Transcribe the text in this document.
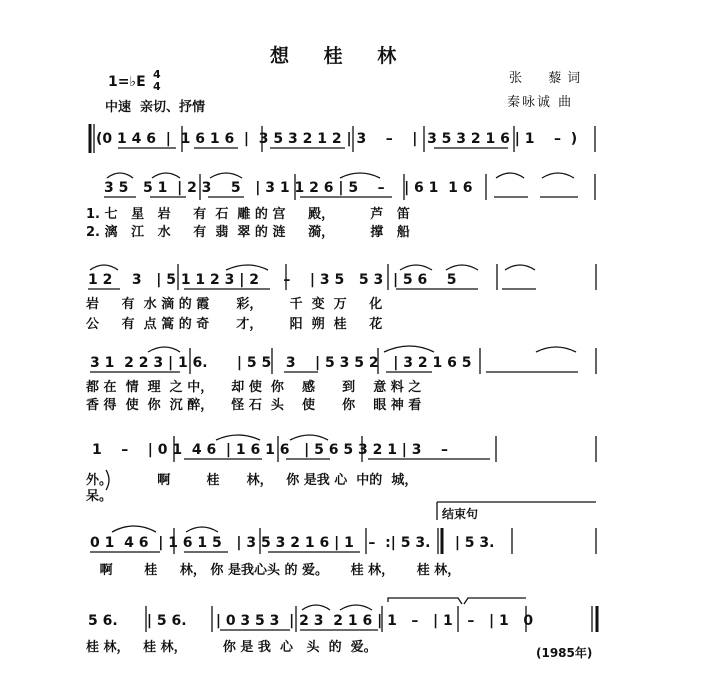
想 桂 林
1=♭E 4
4
中速  亲切、抒情
张  藜词
秦咏诚 曲
(0 1 4 6  |  1 6 1 6  |  3 5 3 2 1 2 | 3    –    |  3 5 3 2 1 6 | 1    –  )
3 5   5 1  | 2 3    5   | 3 1 1 2 6 | 5    –    | 6 1  1 6
1. 七   星   岩     有  石  雕 的 宫     殿，        芦   笛
2. 漓   江   水     有  翡  翠 的 涟     漪，        撑   船
1 2    3   | 5 1 1 2 3 | 2     –    | 3 5   5 3  | 5 6    5
岩     有  水 滴 的 霞      彩，      千  变  万     化
公     有  点 篙 的 奇      才，      阳  朔  桂     花
3 1  2 2 3 | 1 6.      | 5 5   3    | 5 3 5 2   | 3 2 1 6 5
都 在  情  理  之 中，    却 使  你    感      到    意 料 之
香 得  使  你  沉 醉，    怪 石  头    使      你    眼 神 看
1    –    | 0 1  4 6  | 1 6 1 6   | 5 6 5 3 2 1 | 3    –
外。          啊        桂      林，   你 是我 心  中的  城，
呆。
结束句
0 1  4 6  | 1 6 1 5   | 3 5 3 2 1 6 | 1   –  :| 5 3.     | 5 3.
啊       桂     林， 你 是我心头 的 爱。     桂 林，     桂 林，
5 6.      | 5 6.      | 0 3 5 3  | 2 3  2 1 6 | 1   –   | 1   –   | 1   0
桂 林，   桂 林，        你 是 我  心   头  的  爱。	(1985年)
